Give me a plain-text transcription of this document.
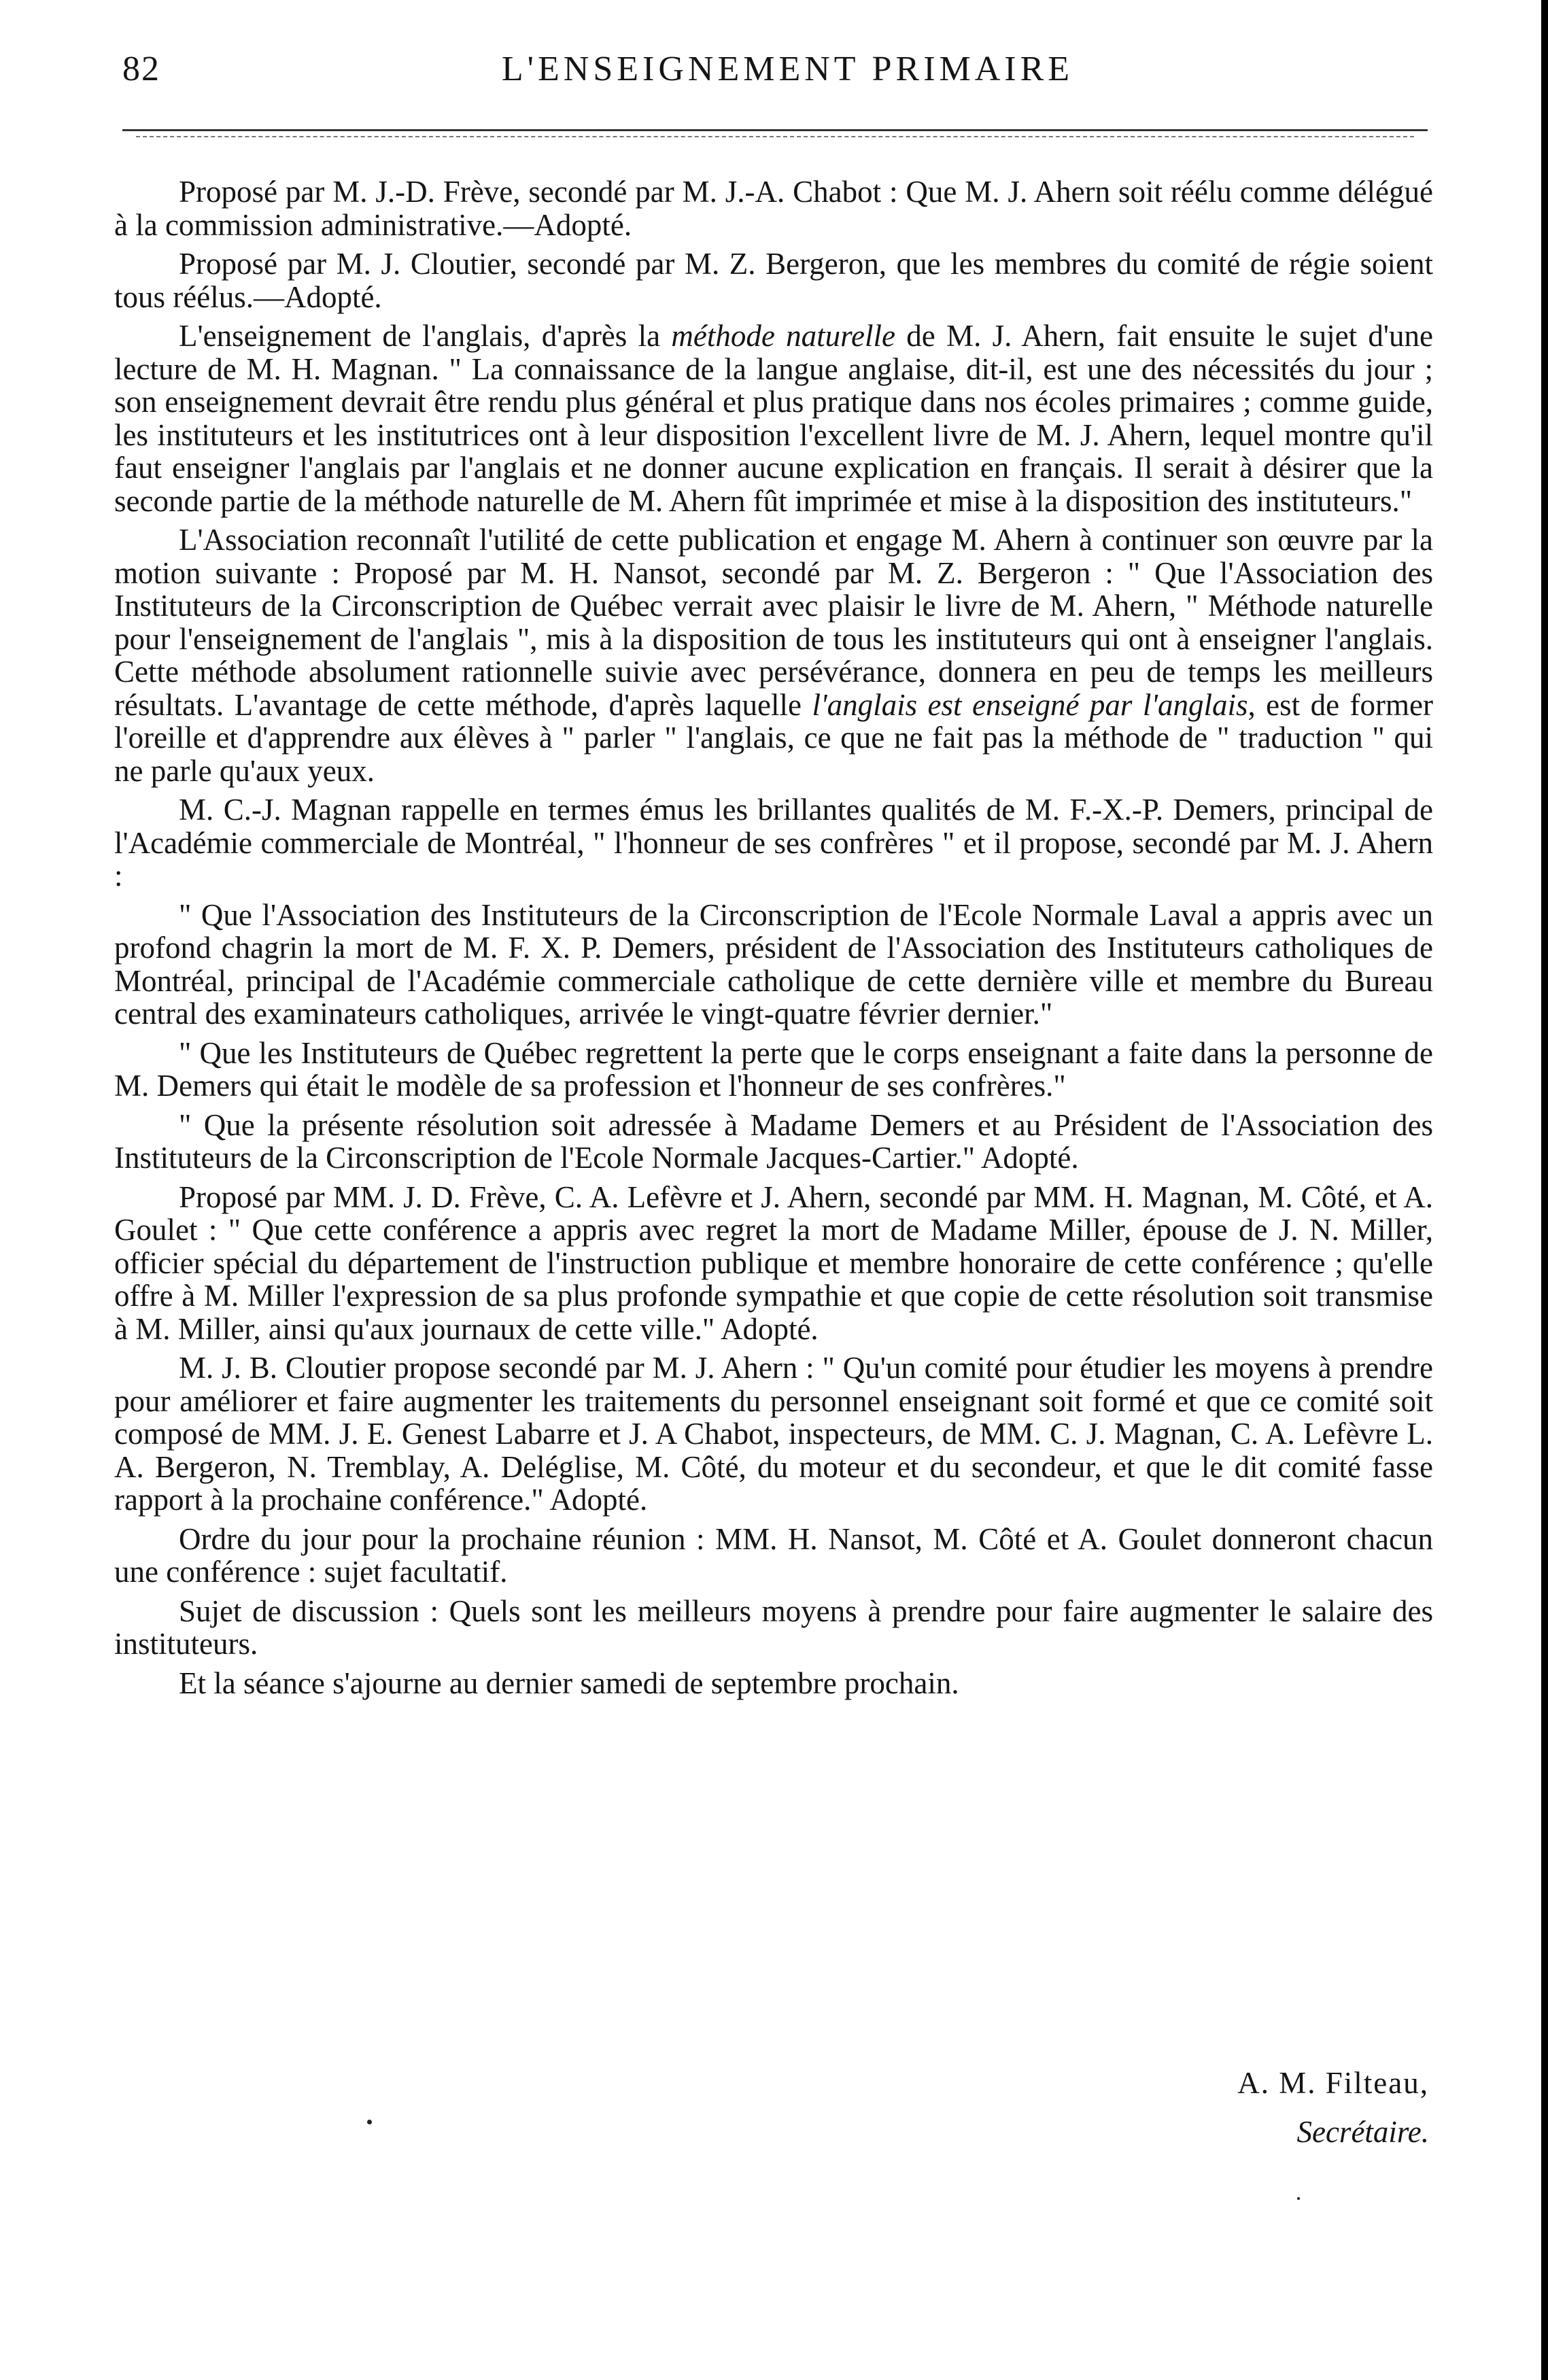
82	L'ENSEIGNEMENT PRIMAIRE

Proposé par M. J.-D. Frève, secondé par M. J.-A. Chabot : Que M. J. Ahern soit réélu comme délégué à la commission administrative.—Adopté.

Proposé par M. J. Cloutier, secondé par M. Z. Bergeron, que les membres du comité de régie soient tous réélus.—Adopté.

L'enseignement de l'anglais, d'après la méthode naturelle de M. J. Ahern, fait ensuite le sujet d'une lecture de M. H. Magnan. " La connaissance de la langue anglaise, dit-il, est une des nécessités du jour ; son enseignement devrait être rendu plus général et plus pratique dans nos écoles primaires ; comme guide, les instituteurs et les institutrices ont à leur disposition l'excellent livre de M. J. Ahern, lequel montre qu'il faut enseigner l'anglais par l'anglais et ne donner aucune explication en français. Il serait à désirer que la seconde partie de la méthode naturelle de M. Ahern fût imprimée et mise à la disposition des instituteurs."

L'Association reconnaît l'utilité de cette publication et engage M. Ahern à continuer son œuvre par la motion suivante : Proposé par M. H. Nansot, secondé par M. Z. Bergeron : " Que l'Association des Instituteurs de la Circonscription de Québec verrait avec plaisir le livre de M. Ahern, " Méthode naturelle pour l'enseignement de l'anglais ", mis à la disposition de tous les instituteurs qui ont à enseigner l'anglais. Cette méthode absolument rationnelle suivie avec persévérance, donnera en peu de temps les meilleurs résultats. L'avantage de cette méthode, d'après laquelle l'anglais est enseigné par l'anglais, est de former l'oreille et d'apprendre aux élèves à " parler " l'anglais, ce que ne fait pas la méthode de " traduction " qui ne parle qu'aux yeux.

M. C.-J. Magnan rappelle en termes émus les brillantes qualités de M. F.-X.-P. Demers, principal de l'Académie commerciale de Montréal, " l'honneur de ses confrères " et il propose, secondé par M. J. Ahern :

" Que l'Association des Instituteurs de la Circonscription de l'Ecole Normale Laval a appris avec un profond chagrin la mort de M. F. X. P. Demers, président de l'Association des Instituteurs catholiques de Montréal, principal de l'Académie commerciale catholique de cette dernière ville et membre du Bureau central des examinateurs catholiques, arrivée le vingt-quatre février dernier."

" Que les Instituteurs de Québec regrettent la perte que le corps enseignant a faite dans la personne de M. Demers qui était le modèle de sa profession et l'honneur de ses confrères."

" Que la présente résolution soit adressée à Madame Demers et au Président de l'Association des Instituteurs de la Circonscription de l'Ecole Normale Jacques-Cartier." Adopté.

Proposé par MM. J. D. Frève, C. A. Lefèvre et J. Ahern, secondé par MM. H. Magnan, M. Côté, et A. Goulet : " Que cette conférence a appris avec regret la mort de Madame Miller, épouse de J. N. Miller, officier spécial du département de l'instruction publique et membre honoraire de cette conférence ; qu'elle offre à M. Miller l'expression de sa plus profonde sympathie et que copie de cette résolution soit transmise à M. Miller, ainsi qu'aux journaux de cette ville." Adopté.

M. J. B. Cloutier propose secondé par M. J. Ahern : " Qu'un comité pour étudier les moyens à prendre pour améliorer et faire augmenter les traitements du personnel enseignant soit formé et que ce comité soit composé de MM. J. E. Genest Labarre et J. A Chabot, inspecteurs, de MM. C. J. Magnan, C. A. Lefèvre L. A. Bergeron, N. Tremblay, A. Deléglise, M. Côté, du moteur et du secondeur, et que le dit comité fasse rapport à la prochaine conférence." Adopté.

Ordre du jour pour la prochaine réunion : MM. H. Nansot, M. Côté et A. Goulet donneront chacun une conférence : sujet facultatif.

Sujet de discussion : Quels sont les meilleurs moyens à prendre pour faire augmenter le salaire des instituteurs.

Et la séance s'ajourne au dernier samedi de septembre prochain.

A. M. Filteau,
Secrétaire.
